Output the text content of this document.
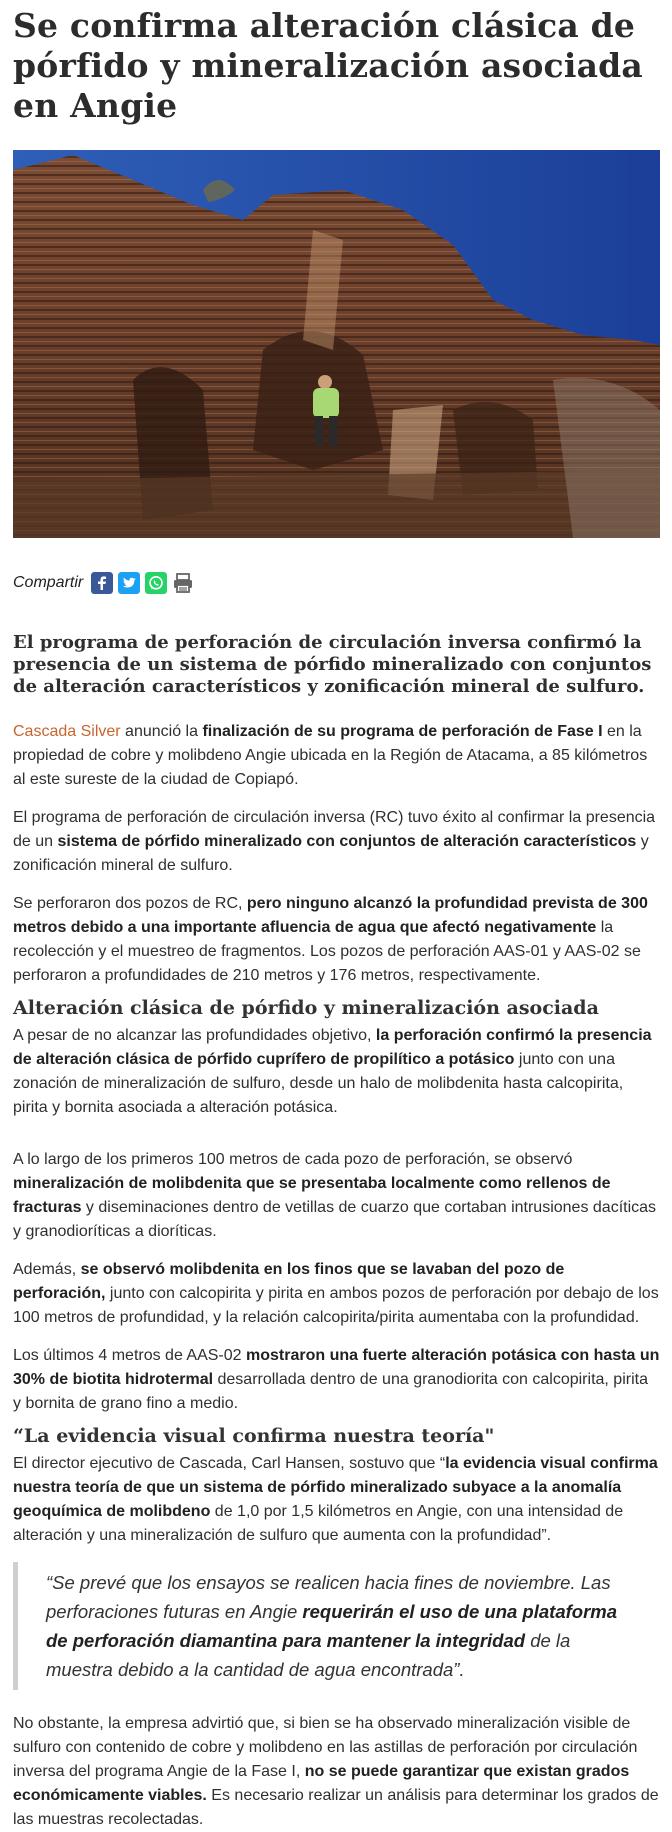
Se confirma alteración clásica de pórfido y mineralización asociada en Angie
Compartir
El programa de perforación de circulación inversa confirmó la presencia de un sistema de pórfido mineralizado con conjuntos de alteración característicos y zonificación mineral de sulfuro.

Cascada Silver anunció la finalización de su programa de perforación de Fase I en la propiedad de cobre y molibdeno Angie ubicada en la Región de Atacama, a 85 kilómetros al este sureste de la ciudad de Copiapó.

El programa de perforación de circulación inversa (RC) tuvo éxito al confirmar la presencia de un sistema de pórfido mineralizado con conjuntos de alteración característicos y zonificación mineral de sulfuro.

Se perforaron dos pozos de RC, pero ninguno alcanzó la profundidad prevista de 300 metros debido a una importante afluencia de agua que afectó negativamente la recolección y el muestreo de fragmentos. Los pozos de perforación AAS-01 y AAS-02 se perforaron a profundidades de 210 metros y 176 metros, respectivamente.

Alteración clásica de pórfido y mineralización asociada

A pesar de no alcanzar las profundidades objetivo, la perforación confirmó la presencia de alteración clásica de pórfido cuprífero de propilítico a potásico junto con una zonación de mineralización de sulfuro, desde un halo de molibdenita hasta calcopirita, pirita y bornita asociada a alteración potásica.

A lo largo de los primeros 100 metros de cada pozo de perforación, se observó mineralización de molibdenita que se presentaba localmente como rellenos de fracturas y diseminaciones dentro de vetillas de cuarzo que cortaban intrusiones dacíticas y granodioríticas a dioríticas.

Además, se observó molibdenita en los finos que se lavaban del pozo de perforación, junto con calcopirita y pirita en ambos pozos de perforación por debajo de los 100 metros de profundidad, y la relación calcopirita/pirita aumentaba con la profundidad.

Los últimos 4 metros de AAS-02 mostraron una fuerte alteración potásica con hasta un 30% de biotita hidrotermal desarrollada dentro de una granodiorita con calcopirita, pirita y bornita de grano fino a medio.

“La evidencia visual confirma nuestra teoría"

El director ejecutivo de Cascada, Carl Hansen, sostuvo que “la evidencia visual confirma nuestra teoría de que un sistema de pórfido mineralizado subyace a la anomalía geoquímica de molibdeno de 1,0 por 1,5 kilómetros en Angie, con una intensidad de alteración y una mineralización de sulfuro que aumenta con la profundidad”.

“Se prevé que los ensayos se realicen hacia fines de noviembre. Las perforaciones futuras en Angie requerirán el uso de una plataforma de perforación diamantina para mantener la integridad de la muestra debido a la cantidad de agua encontrada”.

No obstante, la empresa advirtió que, si bien se ha observado mineralización visible de sulfuro con contenido de cobre y molibdeno en las astillas de perforación por circulación inversa del programa Angie de la Fase I, no se puede garantizar que existan grados económicamente viables. Es necesario realizar un análisis para determinar los grados de las muestras recolectadas.
